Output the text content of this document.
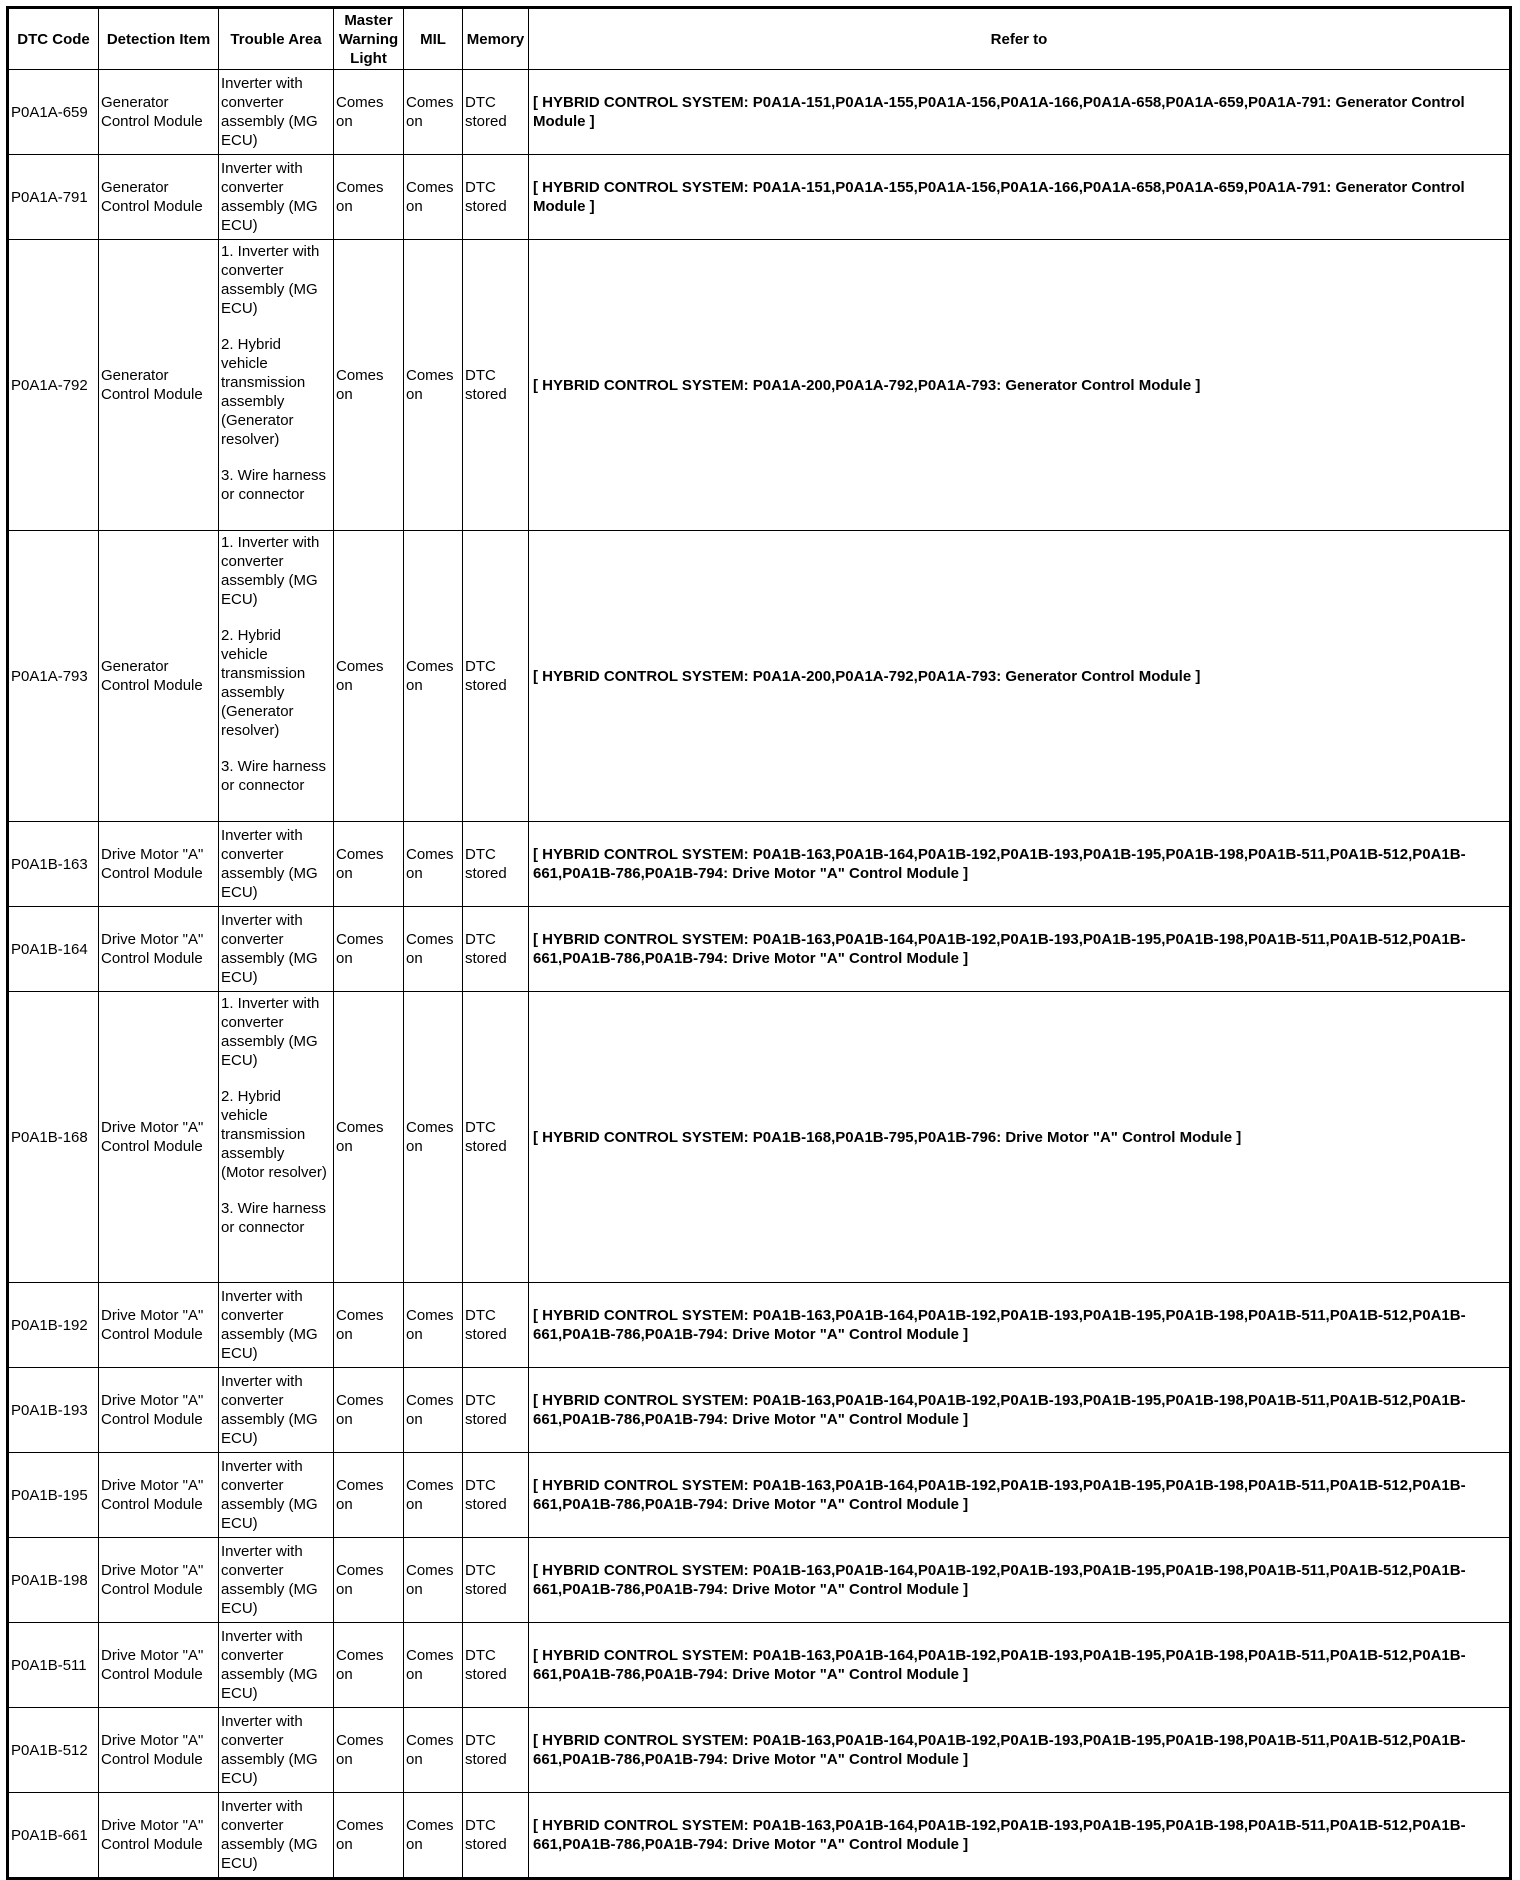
DTC Code	Detection Item	Trouble Area	Master Warning Light	MIL	Memory	Refer to
P0A1A-659	Generator Control Module	Inverter with converter assembly (MG ECU)	Comes on	Comes on	DTC stored	[ HYBRID CONTROL SYSTEM: P0A1A-151,P0A1A-155,P0A1A-156,P0A1A-166,P0A1A-658,P0A1A-659,P0A1A-791: Generator Control Module ]
P0A1A-791	Generator Control Module	Inverter with converter assembly (MG ECU)	Comes on	Comes on	DTC stored	[ HYBRID CONTROL SYSTEM: P0A1A-151,P0A1A-155,P0A1A-156,P0A1A-166,P0A1A-658,P0A1A-659,P0A1A-791: Generator Control Module ]
P0A1A-792	Generator Control Module	1. Inverter with converter assembly (MG ECU)
2. Hybrid vehicle transmission assembly (Generator resolver)
3. Wire harness or connector	Comes on	Comes on	DTC stored	[ HYBRID CONTROL SYSTEM: P0A1A-200,P0A1A-792,P0A1A-793: Generator Control Module ]
P0A1A-793	Generator Control Module	1. Inverter with converter assembly (MG ECU)
2. Hybrid vehicle transmission assembly (Generator resolver)
3. Wire harness or connector	Comes on	Comes on	DTC stored	[ HYBRID CONTROL SYSTEM: P0A1A-200,P0A1A-792,P0A1A-793: Generator Control Module ]
P0A1B-163	Drive Motor "A" Control Module	Inverter with converter assembly (MG ECU)	Comes on	Comes on	DTC stored	[ HYBRID CONTROL SYSTEM: P0A1B-163,P0A1B-164,P0A1B-192,P0A1B-193,P0A1B-195,P0A1B-198,P0A1B-511,P0A1B-512,P0A1B-661,P0A1B-786,P0A1B-794: Drive Motor "A" Control Module ]
P0A1B-164	Drive Motor "A" Control Module	Inverter with converter assembly (MG ECU)	Comes on	Comes on	DTC stored	[ HYBRID CONTROL SYSTEM: P0A1B-163,P0A1B-164,P0A1B-192,P0A1B-193,P0A1B-195,P0A1B-198,P0A1B-511,P0A1B-512,P0A1B-661,P0A1B-786,P0A1B-794: Drive Motor "A" Control Module ]
P0A1B-168	Drive Motor "A" Control Module	1. Inverter with converter assembly (MG ECU)
2. Hybrid vehicle transmission assembly (Motor resolver)
3. Wire harness or connector	Comes on	Comes on	DTC stored	[ HYBRID CONTROL SYSTEM: P0A1B-168,P0A1B-795,P0A1B-796: Drive Motor "A" Control Module ]
P0A1B-192	Drive Motor "A" Control Module	Inverter with converter assembly (MG ECU)	Comes on	Comes on	DTC stored	[ HYBRID CONTROL SYSTEM: P0A1B-163,P0A1B-164,P0A1B-192,P0A1B-193,P0A1B-195,P0A1B-198,P0A1B-511,P0A1B-512,P0A1B-661,P0A1B-786,P0A1B-794: Drive Motor "A" Control Module ]
P0A1B-193	Drive Motor "A" Control Module	Inverter with converter assembly (MG ECU)	Comes on	Comes on	DTC stored	[ HYBRID CONTROL SYSTEM: P0A1B-163,P0A1B-164,P0A1B-192,P0A1B-193,P0A1B-195,P0A1B-198,P0A1B-511,P0A1B-512,P0A1B-661,P0A1B-786,P0A1B-794: Drive Motor "A" Control Module ]
P0A1B-195	Drive Motor "A" Control Module	Inverter with converter assembly (MG ECU)	Comes on	Comes on	DTC stored	[ HYBRID CONTROL SYSTEM: P0A1B-163,P0A1B-164,P0A1B-192,P0A1B-193,P0A1B-195,P0A1B-198,P0A1B-511,P0A1B-512,P0A1B-661,P0A1B-786,P0A1B-794: Drive Motor "A" Control Module ]
P0A1B-198	Drive Motor "A" Control Module	Inverter with converter assembly (MG ECU)	Comes on	Comes on	DTC stored	[ HYBRID CONTROL SYSTEM: P0A1B-163,P0A1B-164,P0A1B-192,P0A1B-193,P0A1B-195,P0A1B-198,P0A1B-511,P0A1B-512,P0A1B-661,P0A1B-786,P0A1B-794: Drive Motor "A" Control Module ]
P0A1B-511	Drive Motor "A" Control Module	Inverter with converter assembly (MG ECU)	Comes on	Comes on	DTC stored	[ HYBRID CONTROL SYSTEM: P0A1B-163,P0A1B-164,P0A1B-192,P0A1B-193,P0A1B-195,P0A1B-198,P0A1B-511,P0A1B-512,P0A1B-661,P0A1B-786,P0A1B-794: Drive Motor "A" Control Module ]
P0A1B-512	Drive Motor "A" Control Module	Inverter with converter assembly (MG ECU)	Comes on	Comes on	DTC stored	[ HYBRID CONTROL SYSTEM: P0A1B-163,P0A1B-164,P0A1B-192,P0A1B-193,P0A1B-195,P0A1B-198,P0A1B-511,P0A1B-512,P0A1B-661,P0A1B-786,P0A1B-794: Drive Motor "A" Control Module ]
P0A1B-661	Drive Motor "A" Control Module	Inverter with converter assembly (MG ECU)	Comes on	Comes on	DTC stored	[ HYBRID CONTROL SYSTEM: P0A1B-163,P0A1B-164,P0A1B-192,P0A1B-193,P0A1B-195,P0A1B-198,P0A1B-511,P0A1B-512,P0A1B-661,P0A1B-786,P0A1B-794: Drive Motor "A" Control Module ]
